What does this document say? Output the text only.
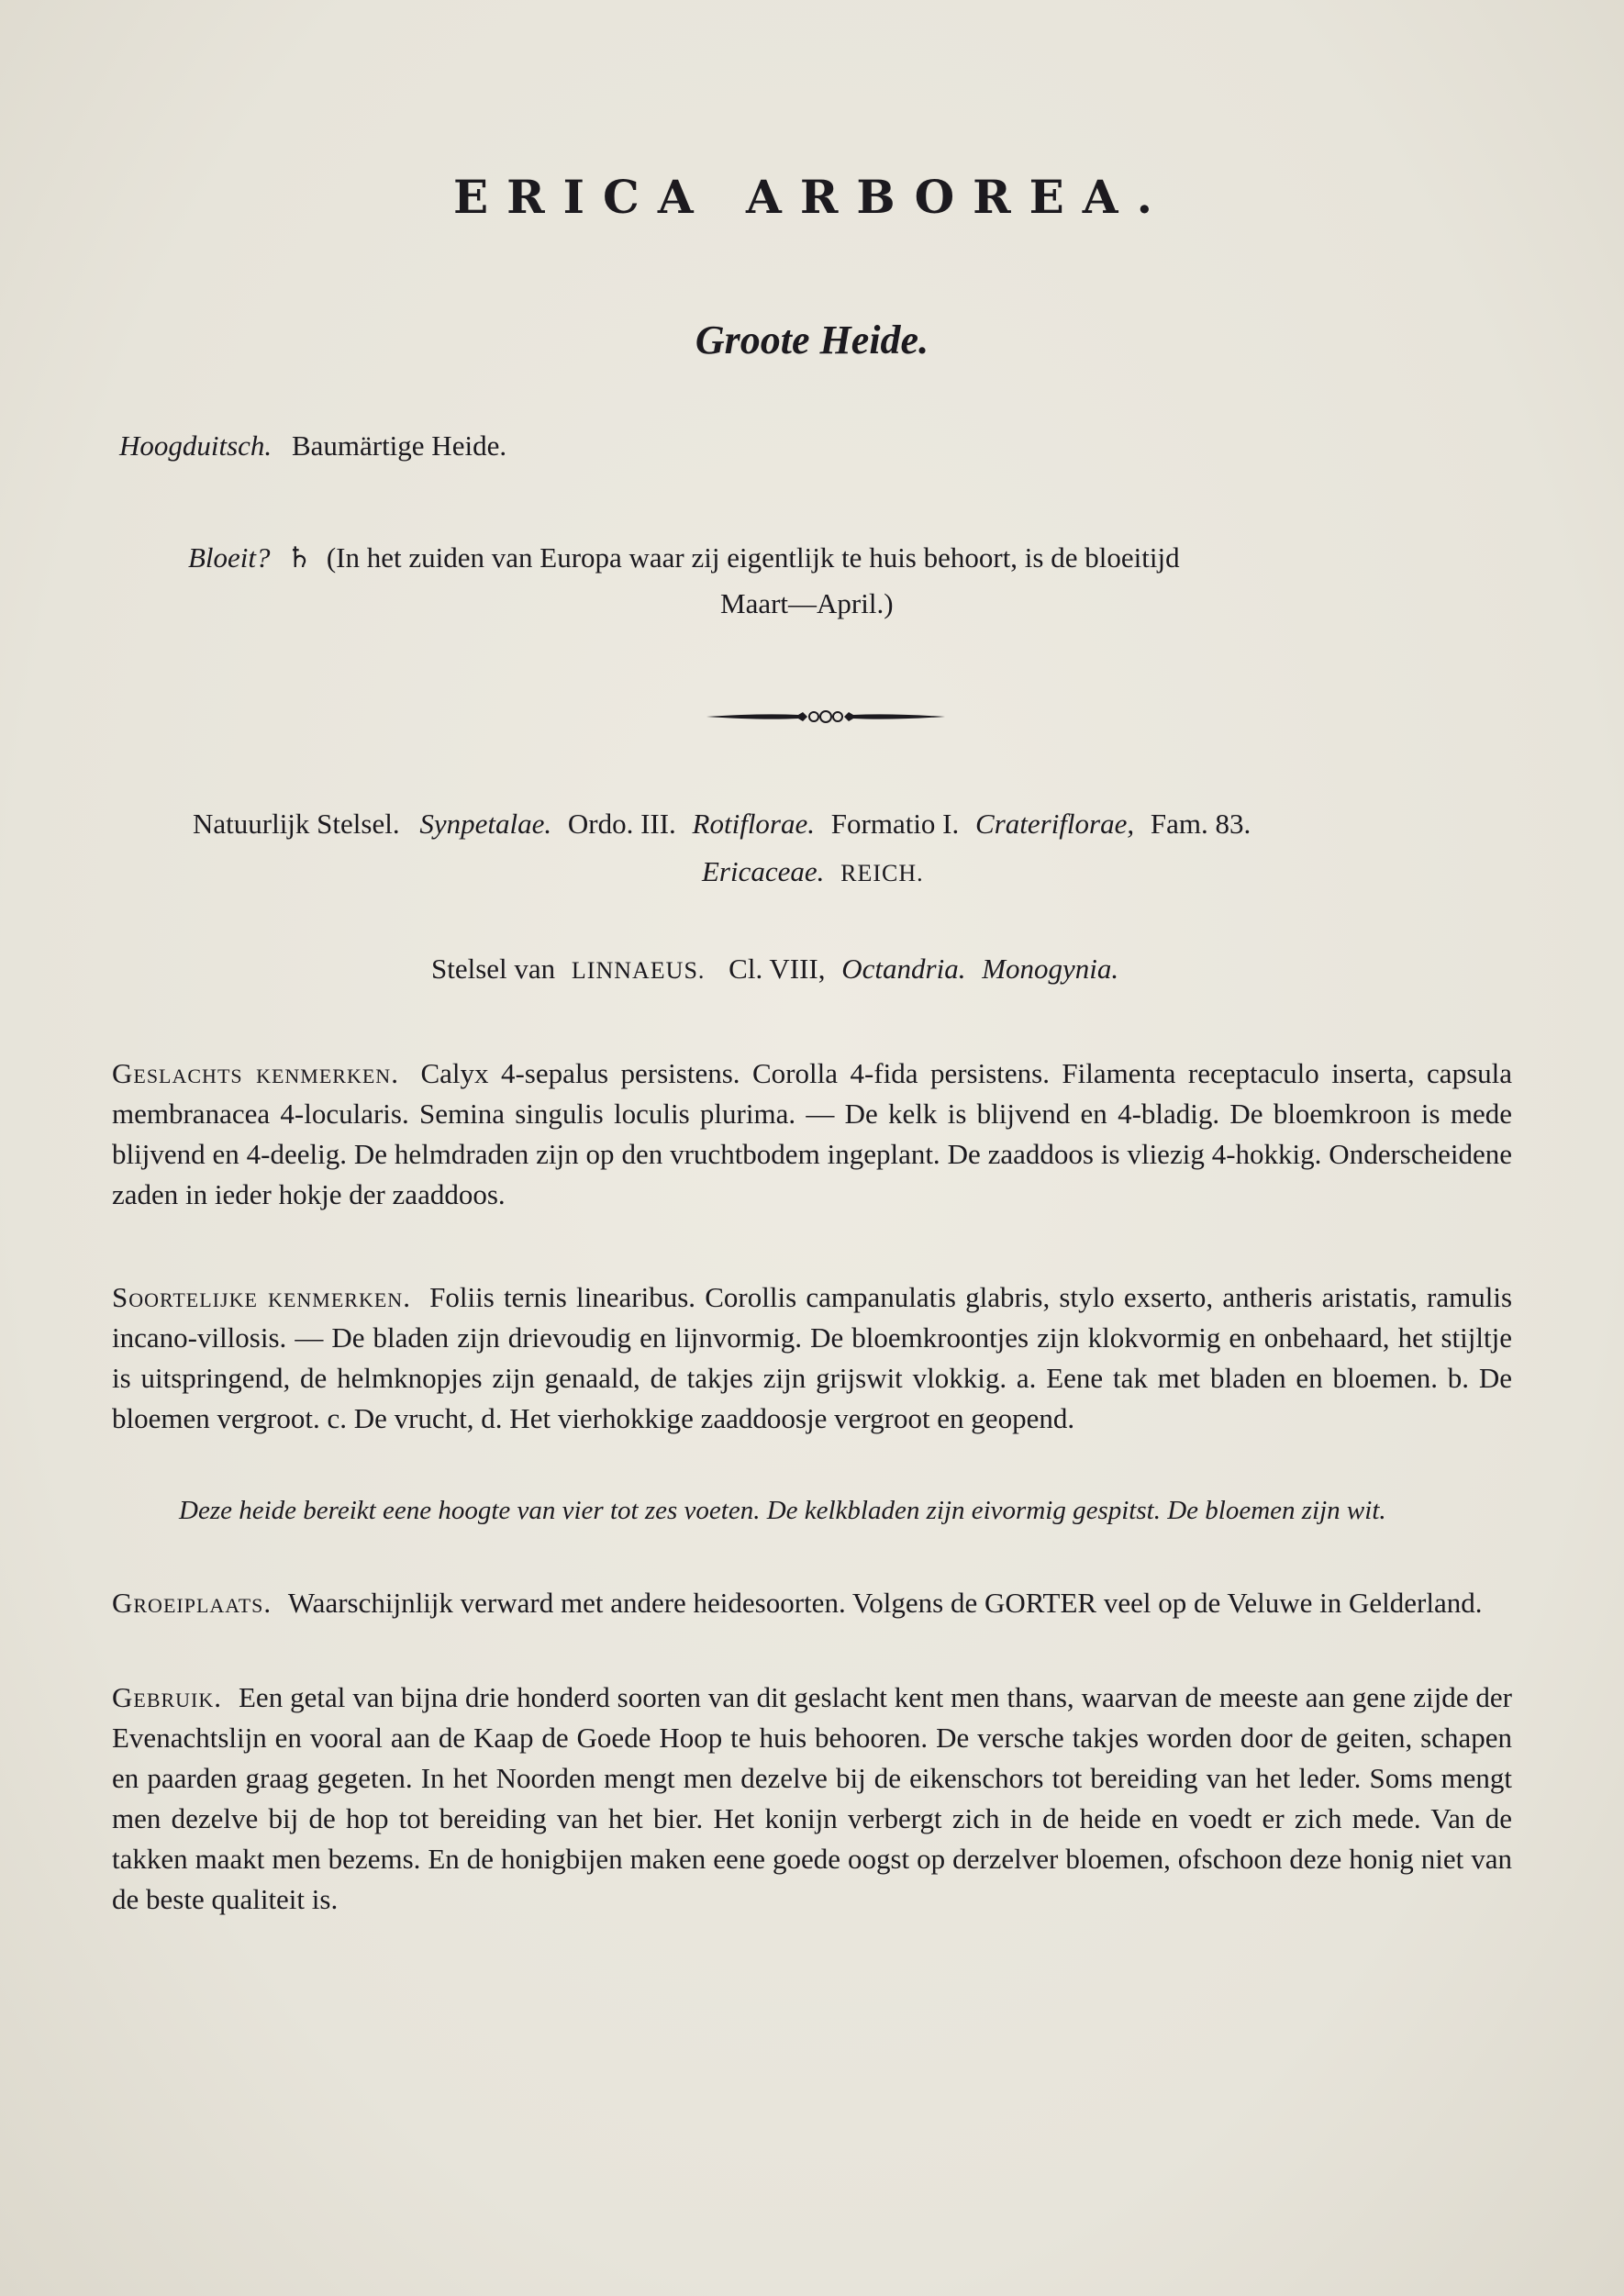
ERICA ARBOREA.
Groote Heide.
Hoogduitsch. Baumärtige Heide.
Bloeit? ♄ (In het zuiden van Europa waar zij eigentlijk te huis behoort, is de bloeitijd
Maart—April.)
Natuurlijk Stelsel. Synpetalae. Ordo. III. Rotiflorae. Formatio I. Crateriflorae, Fam. 83.
Ericaceae. REICH.
Stelsel van LINNAEUS. Cl. VIII, Octandria. Monogynia.
Geslachts kenmerken. Calyx 4-sepalus persistens. Corolla 4-fida persistens. Filamenta receptaculo inserta, capsula membranacea 4-locularis. Semina singulis loculis plurima. — De kelk is blijvend en 4-bladig. De bloemkroon is mede blijvend en 4-deelig. De helmdraden zijn op den vruchtbodem ingeplant. De zaaddoos is vliezig 4-hokkig. Onderscheidene zaden in ieder hokje der zaaddoos.
Soortelijke kenmerken. Foliis ternis linearibus. Corollis campanulatis glabris, stylo exserto, antheris aristatis, ramulis incano-villosis. — De bladen zijn drievoudig en lijnvormig. De bloemkroontjes zijn klokvormig en onbehaard, het stijltje is uitspringend, de helmknopjes zijn genaald, de takjes zijn grijswit vlokkig. a. Eene tak met bladen en bloemen. b. De bloemen vergroot. c. De vrucht, d. Het vierhokkige zaaddoosje vergroot en geopend.
Deze heide bereikt eene hoogte van vier tot zes voeten. De kelkbladen zijn eivormig gespitst. De bloemen zijn wit.
Groeiplaats. Waarschijnlijk verward met andere heidesoorten. Volgens de GORTER veel op de Veluwe in Gelderland.
Gebruik. Een getal van bijna drie honderd soorten van dit geslacht kent men thans, waarvan de meeste aan gene zijde der Evenachtslijn en vooral aan de Kaap de Goede Hoop te huis behooren. De versche takjes worden door de geiten, schapen en paarden graag gegeten. In het Noorden mengt men dezelve bij de eikenschors tot bereiding van het leder. Soms mengt men dezelve bij de hop tot bereiding van het bier. Het konijn verbergt zich in de heide en voedt er zich mede. Van de takken maakt men bezems. En de honigbijen maken eene goede oogst op derzelver bloemen, ofschoon deze honig niet van de beste qualiteit is.
